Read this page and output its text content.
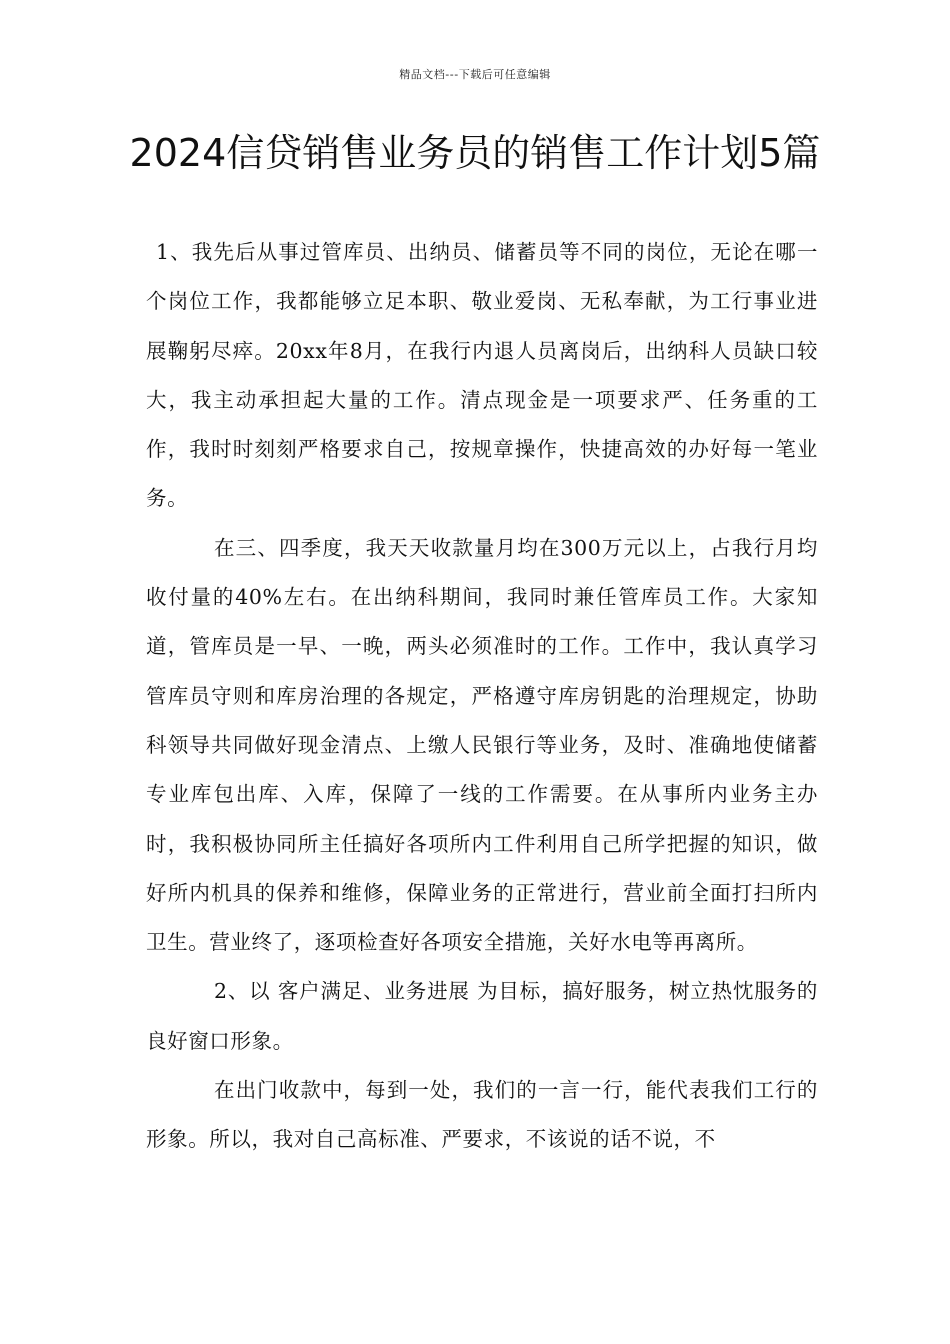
精品文档---下载后可任意编辑
2024信贷销售业务员的销售工作计划5篇

1、我先后从事过管库员、出纳员、储蓄员等不同的岗位，无论在哪一个岗位工作，我都能够立足本职、敬业爱岗、无私奉献，为工行事业进展鞠躬尽瘁。20xx年8月，在我行内退人员离岗后，出纳科人员缺口较大，我主动承担起大量的工作。清点现金是一项要求严、任务重的工作，我时时刻刻严格要求自己，按规章操作，快捷高效的办好每一笔业务。

在三、四季度，我天天收款量月均在300万元以上，占我行月均收付量的40%左右。在出纳科期间，我同时兼任管库员工作。大家知道，管库员是一早、一晚，两头必须准时的工作。工作中，我认真学习管库员守则和库房治理的各规定，严格遵守库房钥匙的治理规定，协助科领导共同做好现金清点、上缴人民银行等业务，及时、准确地使储蓄专业库包出库、入库，保障了一线的工作需要。在从事所内业务主办时，我积极协同所主任搞好各项所内工件利用自己所学把握的知识，做好所内机具的保养和维修，保障业务的正常进行，营业前全面打扫所内卫生。营业终了，逐项检查好各项安全措施，关好水电等再离所。

2、以 客户满足、业务进展 为目标，搞好服务，树立热忱服务的良好窗口形象。

在出门收款中，每到一处，我们的一言一行，能代表我们工行的形象。所以，我对自己高标准、严要求，不该说的话不说，不
